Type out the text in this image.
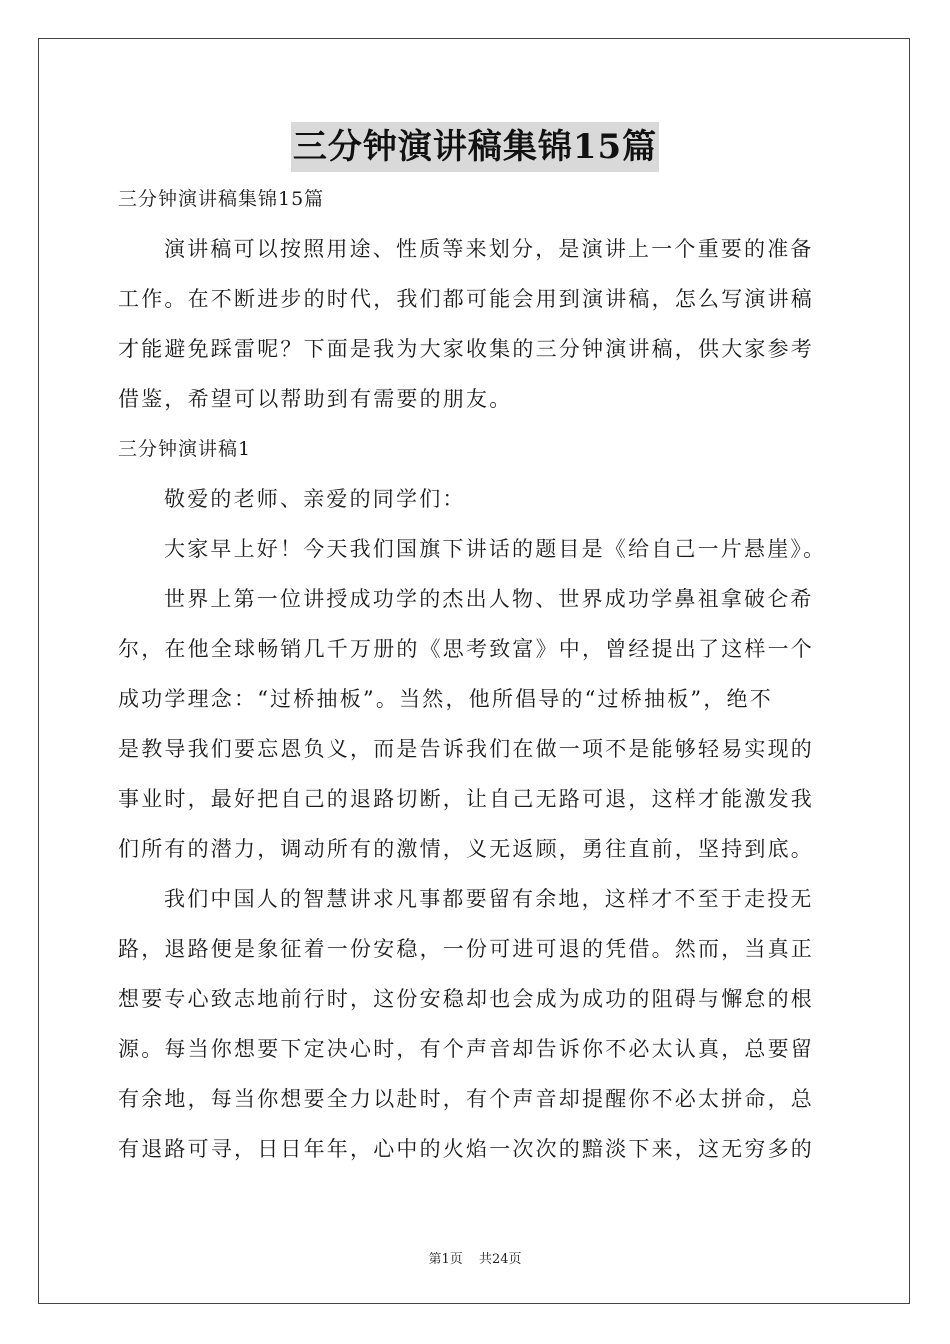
三分钟演讲稿集锦15篇
三分钟演讲稿集锦15篇
演讲稿可以按照用途、性质等来划分，是演讲上一个重要的准备
工作。在不断进步的时代，我们都可能会用到演讲稿，怎么写演讲稿
才能避免踩雷呢？下面是我为大家收集的三分钟演讲稿，供大家参考
借鉴，希望可以帮助到有需要的朋友。
三分钟演讲稿1
敬爱的老师、亲爱的同学们：
大家早上好！今天我们国旗下讲话的题目是《给自己一片悬崖》。
世界上第一位讲授成功学的杰出人物、世界成功学鼻祖拿破仑希
尔，在他全球畅销几千万册的《思考致富》中，曾经提出了这样一个
成功学理念：“过桥抽板”。当然，他所倡导的“过桥抽板”，绝不
是教导我们要忘恩负义，而是告诉我们在做一项不是能够轻易实现的
事业时，最好把自己的退路切断，让自己无路可退，这样才能激发我
们所有的潜力，调动所有的激情，义无返顾，勇往直前，坚持到底。
我们中国人的智慧讲求凡事都要留有余地，这样才不至于走投无
路，退路便是象征着一份安稳，一份可进可退的凭借。然而，当真正
想要专心致志地前行时，这份安稳却也会成为成功的阻碍与懈怠的根
源。每当你想要下定决心时，有个声音却告诉你不必太认真，总要留
有余地，每当你想要全力以赴时，有个声音却提醒你不必太拼命，总
有退路可寻，日日年年，心中的火焰一次次的黯淡下来，这无穷多的
第1页 共24页
